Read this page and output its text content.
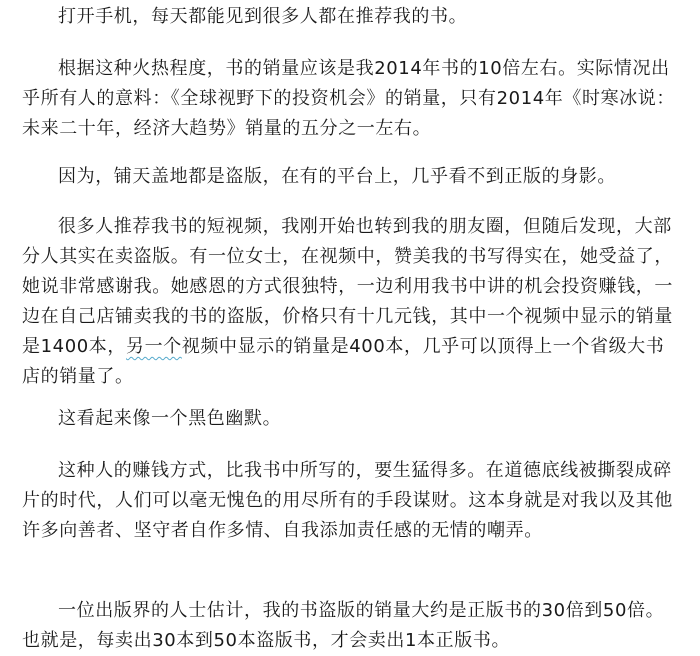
打开手机，每天都能见到很多人都在推荐我的书。

根据这种火热程度，书的销量应该是我2014年书的10倍左右。实际情况出乎所有人的意料：《全球视野下的投资机会》的销量，只有2014年《时寒冰说：未来二十年，经济大趋势》销量的五分之一左右。

因为，铺天盖地都是盗版，在有的平台上，几乎看不到正版的身影。

很多人推荐我书的短视频，我刚开始也转到我的朋友圈，但随后发现，大部分人其实在卖盗版。有一位女士，在视频中，赞美我的书写得实在，她受益了，她说非常感谢我。她感恩的方式很独特，一边利用我书中讲的机会投资赚钱，一边在自己店铺卖我的书的盗版，价格只有十几元钱，其中一个视频中显示的销量是1400本，另一个视频中显示的销量是400本，几乎可以顶得上一个省级大书店的销量了。

这看起来像一个黑色幽默。

这种人的赚钱方式，比我书中所写的，要生猛得多。在道德底线被撕裂成碎片的时代，人们可以毫无愧色的用尽所有的手段谋财。这本身就是对我以及其他许多向善者、坚守者自作多情、自我添加责任感的无情的嘲弄。

一位出版界的人士估计，我的书盗版的销量大约是正版书的30倍到50倍。也就是，每卖出30本到50本盗版书，才会卖出1本正版书。
